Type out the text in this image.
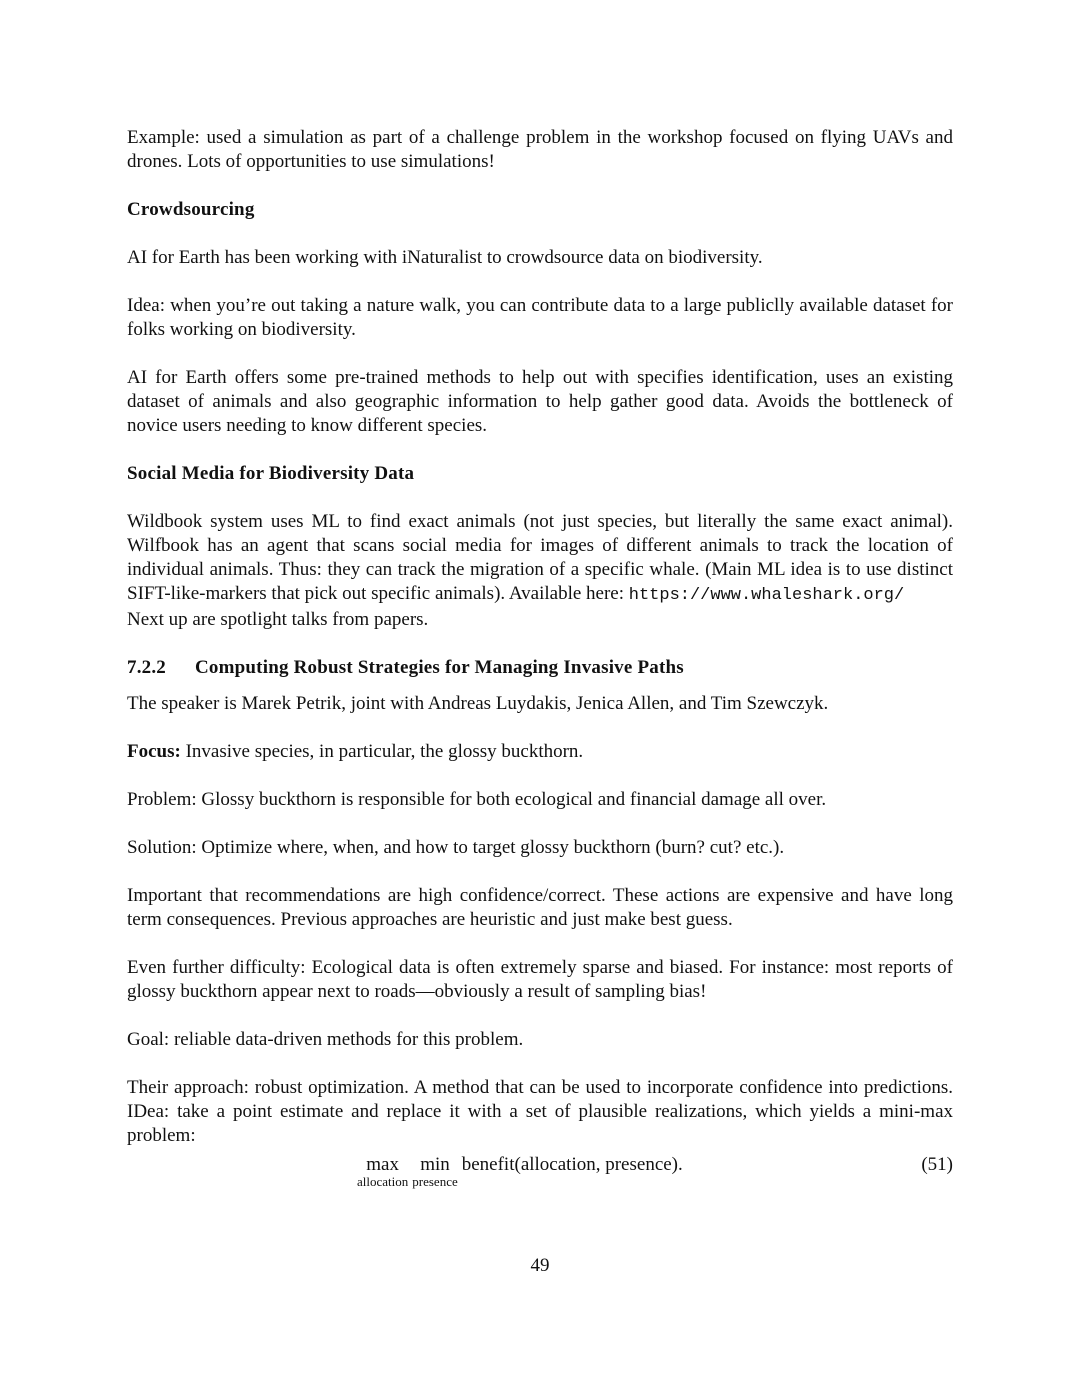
Example: used a simulation as part of a challenge problem in the workshop focused on flying UAVs and drones. Lots of opportunities to use simulations!

Crowdsourcing

AI for Earth has been working with iNaturalist to crowdsource data on biodiversity.

Idea: when you’re out taking a nature walk, you can contribute data to a large publiclly available dataset for folks working on biodiversity.

AI for Earth offers some pre-trained methods to help out with specifies identification, uses an existing dataset of animals and also geographic information to help gather good data. Avoids the bottleneck of novice users needing to know different species.

Social Media for Biodiversity Data

Wildbook system uses ML to find exact animals (not just species, but literally the same exact animal). Wilfbook has an agent that scans social media for images of different animals to track the location of individual animals. Thus: they can track the migration of a specific whale. (Main ML idea is to use distinct SIFT-like-markers that pick out specific animals). Available here: https://www.whaleshark.org/

Next up are spotlight talks from papers.

7.2.2 Computing Robust Strategies for Managing Invasive Paths

The speaker is Marek Petrik, joint with Andreas Luydakis, Jenica Allen, and Tim Szewczyk.

Focus: Invasive species, in particular, the glossy buckthorn.

Problem: Glossy buckthorn is responsible for both ecological and financial damage all over.

Solution: Optimize where, when, and how to target glossy buckthorn (burn? cut? etc.).

Important that recommendations are high confidence/correct. These actions are expensive and have long term consequences. Previous approaches are heuristic and just make best guess.

Even further difficulty: Ecological data is often extremely sparse and biased. For instance: most reports of glossy buckthorn appear next to roads—obviously a result of sampling bias!

Goal: reliable data-driven methods for this problem.

Their approach: robust optimization. A method that can be used to incorporate confidence into predictions. IDea: take a point estimate and replace it with a set of plausible realizations, which yields a mini-max problem:

max
allocation
min
presence
benefit(allocation, presence).	(51)
49
